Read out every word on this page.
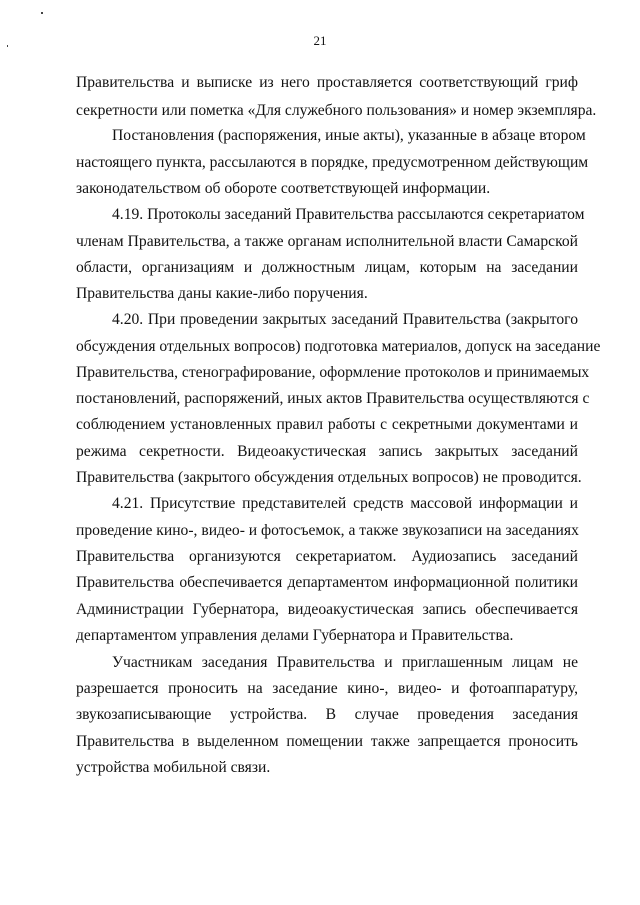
21
Правительства и выписке из него проставляется соответствующий гриф
секретности или пометка «Для служебного пользования» и номер экземпляра.
Постановления (распоряжения, иные акты), указанные в абзаце втором
настоящего пункта, рассылаются в порядке, предусмотренном действующим
законодательством об обороте соответствующей информации.
4.19. Протоколы заседаний Правительства рассылаются секретариатом
членам Правительства, а также органам исполнительной власти Самарской
области, организациям и должностным лицам, которым на заседании
Правительства даны какие-либо поручения.
4.20. При проведении закрытых заседаний Правительства (закрытого
обсуждения отдельных вопросов) подготовка материалов, допуск на заседание
Правительства, стенографирование, оформление протоколов и принимаемых
постановлений, распоряжений, иных актов Правительства осуществляются с
соблюдением установленных правил работы с секретными документами и
режима секретности. Видеоакустическая запись закрытых заседаний
Правительства (закрытого обсуждения отдельных вопросов) не проводится.
4.21. Присутствие представителей средств массовой информации и
проведение кино-, видео- и фотосъемок, а также звукозаписи на заседаниях
Правительства организуются секретариатом. Аудиозапись заседаний
Правительства обеспечивается департаментом информационной политики
Администрации Губернатора, видеоакустическая запись обеспечивается
департаментом управления делами Губернатора и Правительства.
Участникам заседания Правительства и приглашенным лицам не
разрешается проносить на заседание кино-, видео- и фотоаппаратуру,
звукозаписывающие устройства. В случае проведения заседания
Правительства в выделенном помещении также запрещается проносить
устройства мобильной связи.
